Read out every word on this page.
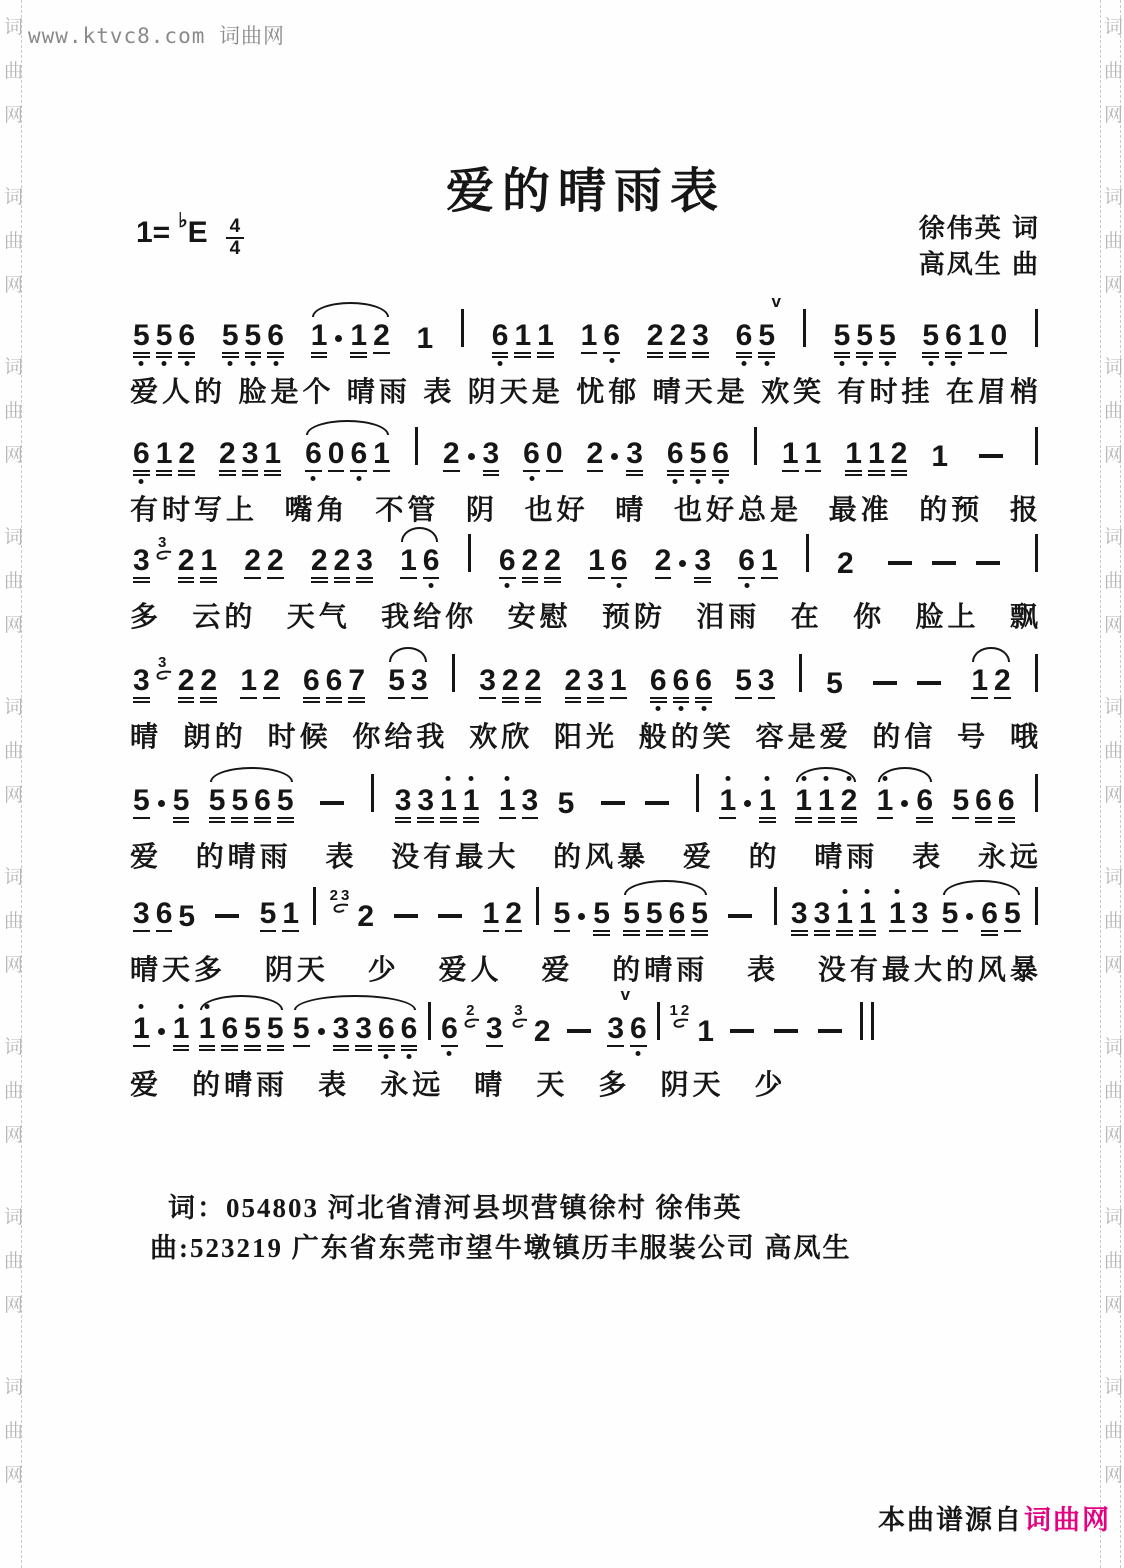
词
曲
网
词
曲
网
词
曲
网
词
曲
网
词
曲
网
词
曲
网
词
曲
网
词
曲
网
词
曲
网
词
曲
网
词
曲
网
词
曲
网
词
曲
网
词
曲
网
词
曲
网
词
曲
网
词
曲
网
词
曲
网
www.ktvc8.com 词曲网
爱的晴雨表
1= ♭ E $\frac{4}{4}$	徐伟英 词
高凤生 曲
5 5 6 5 5 6 1 1 2 1 6 1 1 1 6 2 2 3 6 5
v
5 5 5 5 6 1 0
爱人的 脸是个 晴雨 表 阴天是 忧郁 晴天是 欢笑 有时挂 在眉梢
6 1 2 2 3 1 6 0 6 1 2 3 6 0 2 3 6 5 6 1 1 1 1 2 1
有时写上 嘴角 不管 阴 也好 晴 也好总是 最准 的预 报
3
3
2 1 2 2 2 2 3 1 6 6 2 2 1 6 2 3 6 1 2
多 云的 天气 我给你 安慰 预防 泪雨 在 你 脸上 飘
3
3
2 2 1 2 6 6 7 5 3 3 2 2 2 3 1 6 6 6 5 3 5	1 2
晴 朗的 时候 你给我 欢欣 阳光 般的笑 容是爱 的信 号 哦
5 5 5 5 6 5	3 3 1 1 1 3 5	1 1 1 1 2 1 6 5 6 6
爱 的晴雨 表 没有最大 的风暴 爱 的 晴雨 表 永远
3 6 5 5 1
23
2	1 2 5 5 5 5 6 5	3 3 1 1 1 3 5 6 5
晴天多 阴天 少 爱人 爱 的晴雨 表 没有最大的风暴
1 1 1 6 5 5 5 3 3 6 6 6
2
3
3
2 3
v
6
12
1
爱 的晴雨 表 永远 晴 天 多 阴天 少
词：054803 河北省清河县坝营镇徐村 徐伟英
曲:523219 广东省东莞市望牛墩镇历丰服装公司 高凤生
本曲谱源自 词曲网
